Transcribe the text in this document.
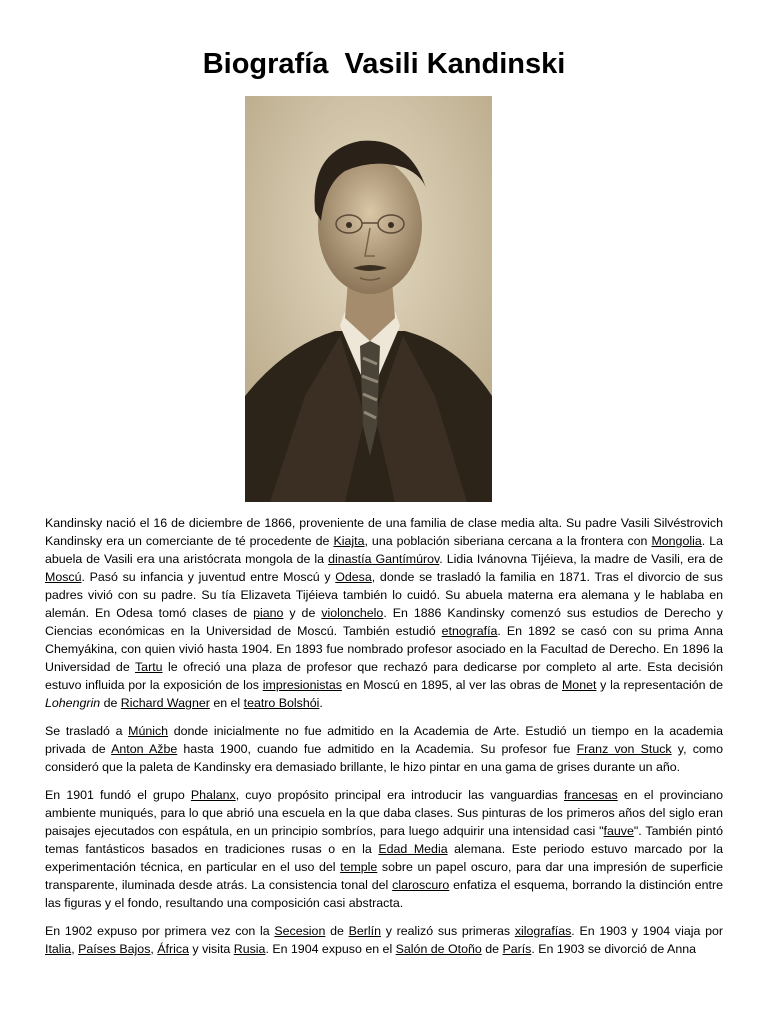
Biografía  Vasili Kandinski

Kandinsky nació el 16 de diciembre de 1866, proveniente de una familia de clase media alta. Su padre Vasili Silvéstrovich Kandinsky era un comerciante de té procedente de Kiajta, una población siberiana cercana a la frontera con Mongolia. La abuela de Vasili era una aristócrata mongola de la dinastía Gantímúrov. Lidia Ivánovna Tijéieva, la madre de Vasili, era de Moscú. Pasó su infancia y juventud entre Moscú y Odesa, donde se trasladó la familia en 1871. Tras el divorcio de sus padres vivió con su padre. Su tía Elizaveta Tijéieva también lo cuidó. Su abuela materna era alemana y le hablaba en alemán. En Odesa tomó clases de piano y de violonchelo. En 1886 Kandinsky comenzó sus estudios de Derecho y Ciencias económicas en la Universidad de Moscú. También estudió etnografía. En 1892 se casó con su prima Anna Chemyákina, con quien vivió hasta 1904. En 1893 fue nombrado profesor asociado en la Facultad de Derecho. En 1896 la Universidad de Tartu le ofreció una plaza de profesor que rechazó para dedicarse por completo al arte. Esta decisión estuvo influida por la exposición de los impresionistas en Moscú en 1895, al ver las obras de Monet y la representación de Lohengrin de Richard Wagner en el teatro Bolshói.

Se trasladó a Múnich donde inicialmente no fue admitido en la Academia de Arte. Estudió un tiempo en la academia privada de Anton Ažbe hasta 1900, cuando fue admitido en la Academia. Su profesor fue Franz von Stuck y, como consideró que la paleta de Kandinsky era demasiado brillante, le hizo pintar en una gama de grises durante un año.

En 1901 fundó el grupo Phalanx, cuyo propósito principal era introducir las vanguardias francesas en el provinciano ambiente muniqués, para lo que abrió una escuela en la que daba clases. Sus pinturas de los primeros años del siglo eran paisajes ejecutados con espátula, en un principio sombríos, para luego adquirir una intensidad casi "fauve". También pintó temas fantásticos basados en tradiciones rusas o en la Edad Media alemana. Este periodo estuvo marcado por la experimentación técnica, en particular en el uso del temple sobre un papel oscuro, para dar una impresión de superficie transparente, iluminada desde atrás. La consistencia tonal del claroscuro enfatiza el esquema, borrando la distinción entre las figuras y el fondo, resultando una composición casi abstracta.

En 1902 expuso por primera vez con la Secesion de Berlín y realizó sus primeras xilografías. En 1903 y 1904 viaja por Italia, Países Bajos, África y visita Rusia. En 1904 expuso en el Salón de Otoño de París. En 1903 se divorció de Anna
